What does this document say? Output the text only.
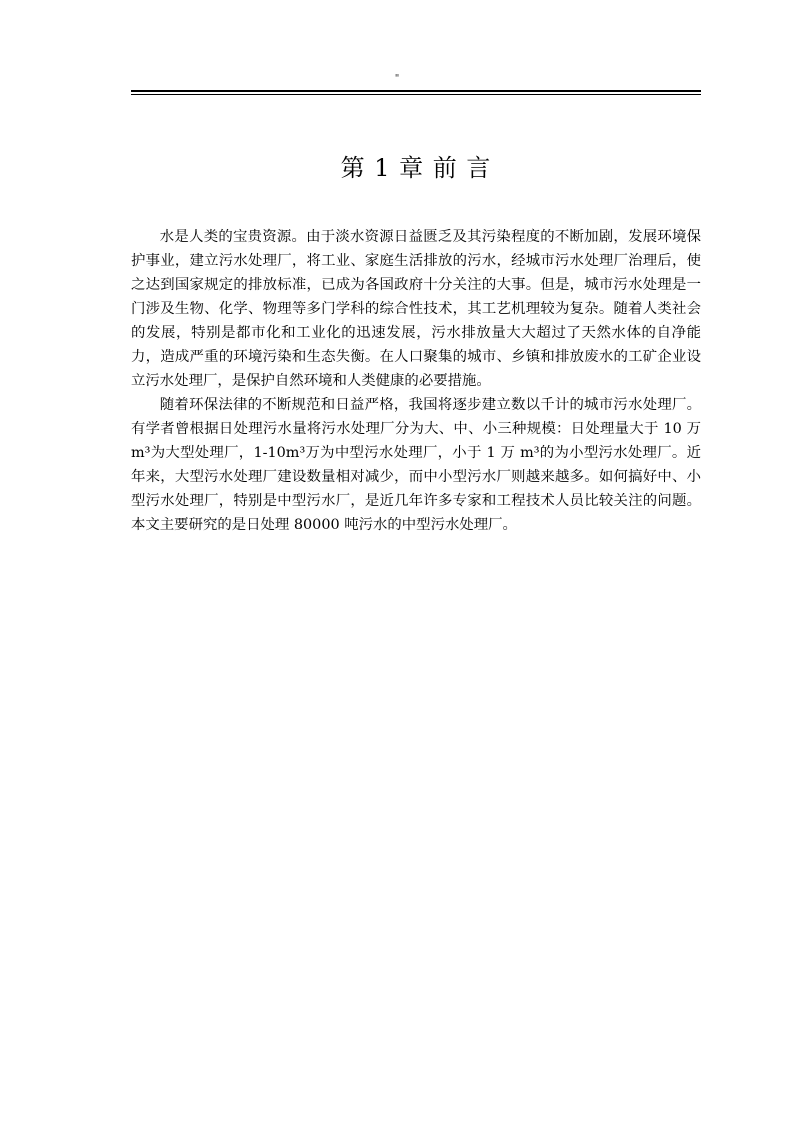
"
第 1 章 前 言

水是人类的宝贵资源。由于淡水资源日益匮乏及其污染程度的不断加剧，发展环境保护事业，建立污水处理厂，将工业、家庭生活排放的污水，经城市污水处理厂治理后，使之达到国家规定的排放标准，已成为各国政府十分关注的大事。但是，城市污水处理是一门涉及生物、化学、物理等多门学科的综合性技术，其工艺机理较为复杂。随着人类社会的发展，特别是都市化和工业化的迅速发展，污水排放量大大超过了天然水体的自净能力，造成严重的环境污染和生态失衡。在人口聚集的城市、乡镇和排放废水的工矿企业设立污水处理厂，是保护自然环境和人类健康的必要措施。

随着环保法律的不断规范和日益严格，我国将逐步建立数以千计的城市污水处理厂。有学者曾根据日处理污水量将污水处理厂分为大、中、小三种规模：日处理量大于 10 万 m³为大型处理厂，1-10m³万为中型污水处理厂，小于 1 万 m³的为小型污水处理厂。近年来，大型污水处理厂建设数量相对减少，而中小型污水厂则越来越多。如何搞好中、小型污水处理厂，特别是中型污水厂，是近几年许多专家和工程技术人员比较关注的问题。本文主要研究的是日处理 80000 吨污水的中型污水处理厂。
